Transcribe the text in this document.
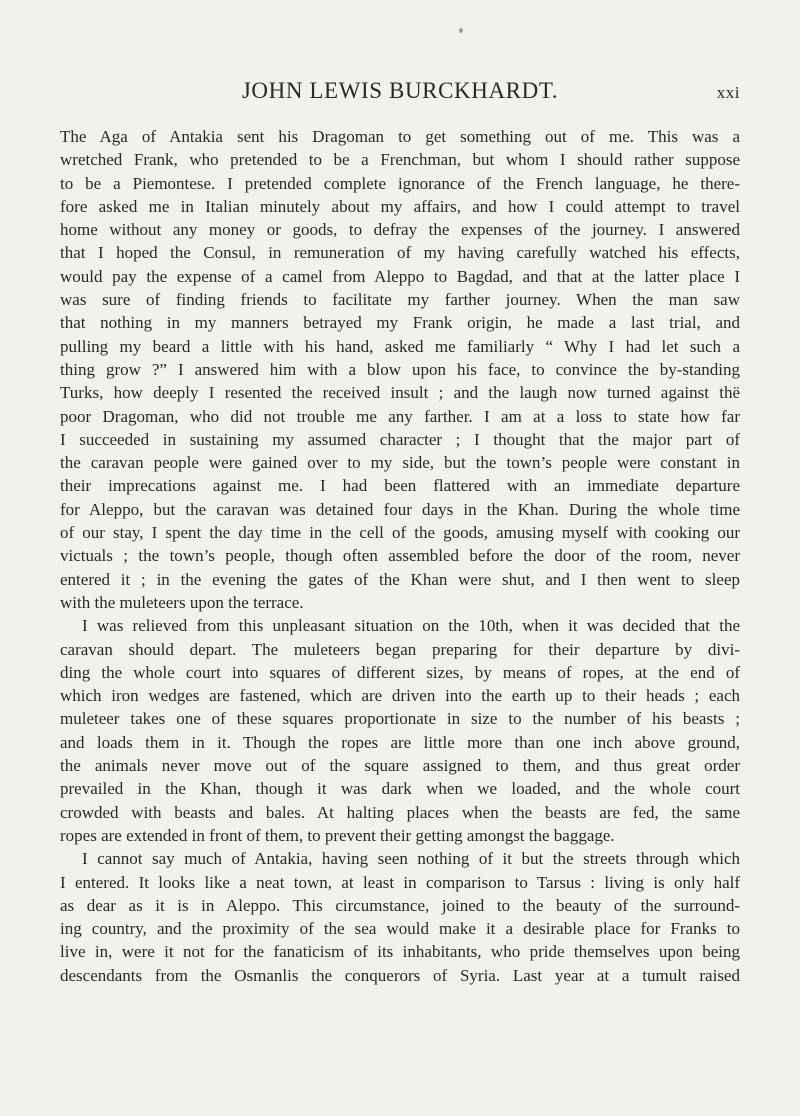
JOHN LEWIS BURCKHARDT.	xxi
The Aga of Antakia sent his Dragoman to get something out of me. This was a
wretched Frank, who pretended to be a Frenchman, but whom I should rather suppose
to be a Piemontese. I pretended complete ignorance of the French language, he there-
fore asked me in Italian minutely about my affairs, and how I could attempt to travel
home without any money or goods, to defray the expenses of the journey. I answered
that I hoped the Consul, in remuneration of my having carefully watched his effects,
would pay the expense of a camel from Aleppo to Bagdad, and that at the latter place I
was sure of finding friends to facilitate my farther journey. When the man saw
that nothing in my manners betrayed my Frank origin, he made a last trial, and
pulling my beard a little with his hand, asked me familiarly “ Why I had let such a
thing grow ?” I answered him with a blow upon his face, to convince the by-standing
Turks, how deeply I resented the received insult ; and the laugh now turned against thë
poor Dragoman, who did not trouble me any farther. I am at a loss to state how far
I succeeded in sustaining my assumed character ; I thought that the major part of
the caravan people were gained over to my side, but the town’s people were constant in
their imprecations against me. I had been flattered with an immediate departure
for Aleppo, but the caravan was detained four days in the Khan. During the whole time
of our stay, I spent the day time in the cell of the goods, amusing myself with cooking our
victuals ; the town’s people, though often assembled before the door of the room, never
entered it ; in the evening the gates of the Khan were shut, and I then went to sleep
with the muleteers upon the terrace.
I was relieved from this unpleasant situation on the 10th, when it was decided that the
caravan should depart. The muleteers began preparing for their departure by divi-
ding the whole court into squares of different sizes, by means of ropes, at the end of
which iron wedges are fastened, which are driven into the earth up to their heads ; each
muleteer takes one of these squares proportionate in size to the number of his beasts ;
and loads them in it. Though the ropes are little more than one inch above ground,
the animals never move out of the square assigned to them, and thus great order
prevailed in the Khan, though it was dark when we loaded, and the whole court
crowded with beasts and bales. At halting places when the beasts are fed, the same
ropes are extended in front of them, to prevent their getting amongst the baggage.
I cannot say much of Antakia, having seen nothing of it but the streets through which
I entered. It looks like a neat town, at least in comparison to Tarsus : living is only half
as dear as it is in Aleppo. This circumstance, joined to the beauty of the surround-
ing country, and the proximity of the sea would make it a desirable place for Franks to
live in, were it not for the fanaticism of its inhabitants, who pride themselves upon being
descendants from the Osmanlis the conquerors of Syria. Last year at a tumult raised
